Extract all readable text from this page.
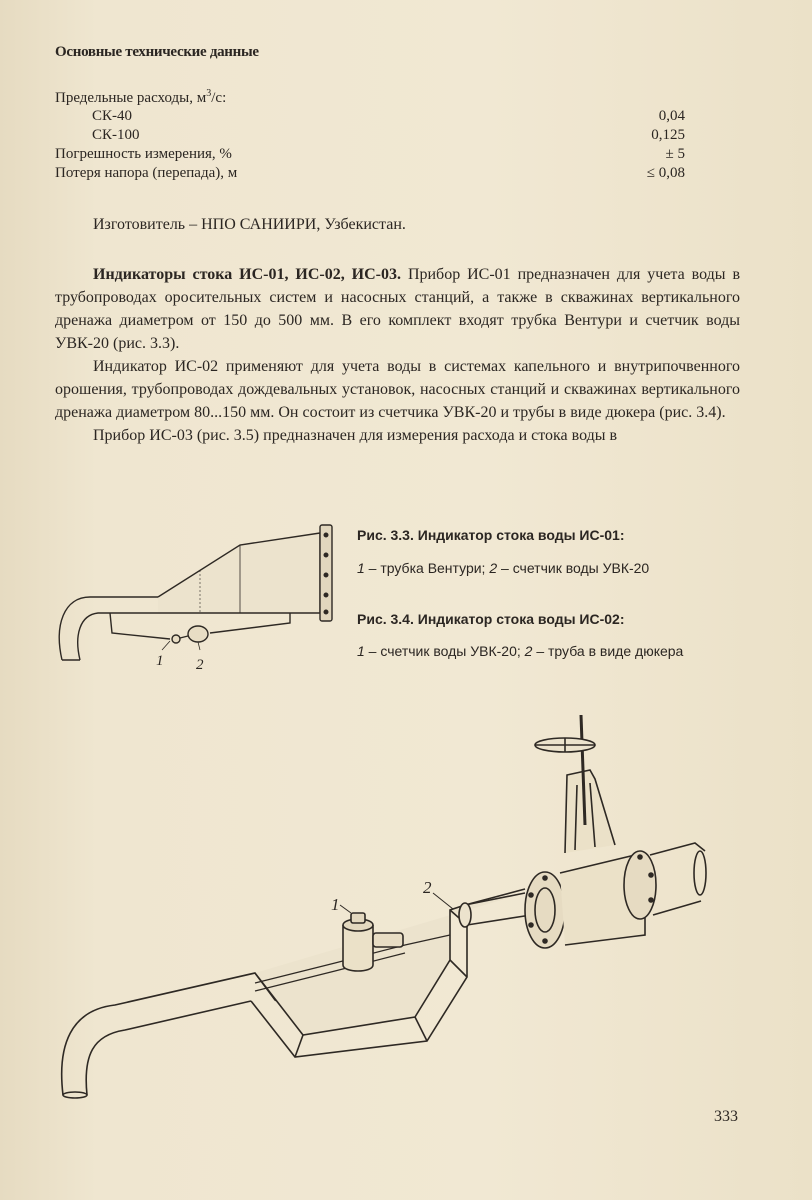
Основные технические данные
Предельные расходы, $м^3/с$:
СК-40	0,04
СК-100	0,125
Погрешность измерения, %	± 5
Потеря напора (перепада), м	≤ 0,08
Изготовитель – НПО САНИИРИ, Узбекистан.

Индикаторы стока ИС-01, ИС-02, ИС-03. Прибор ИС-01 предназначен для учета воды в трубопроводах оросительных систем и насосных станций, а также в скважинах вертикального дренажа диаметром от 150 до 500 мм. В его комплект входят трубка Вентури и счетчик воды УВК-20 (рис. 3.3).

Индикатор ИС-02 применяют для учета воды в системах капельного и внутрипочвенного орошения, трубопроводах дождевальных установок, насосных станций и скважинах вертикального дренажа диаметром 80...150 мм. Он состоит из счетчика УВК-20 и трубы в виде дюкера (рис. 3.4).

Прибор ИС-03 (рис. 3.5) предназначен для измерения расхода и стока воды в

1 2
Рис. 3.3. Индикатор стока воды ИС-01:
1 – трубка Вентури; 2 – счетчик воды УВК-20
Рис. 3.4. Индикатор стока воды ИС-02:
1 – счетчик воды УВК-20; 2 – труба в виде дюкера
1
2
333
